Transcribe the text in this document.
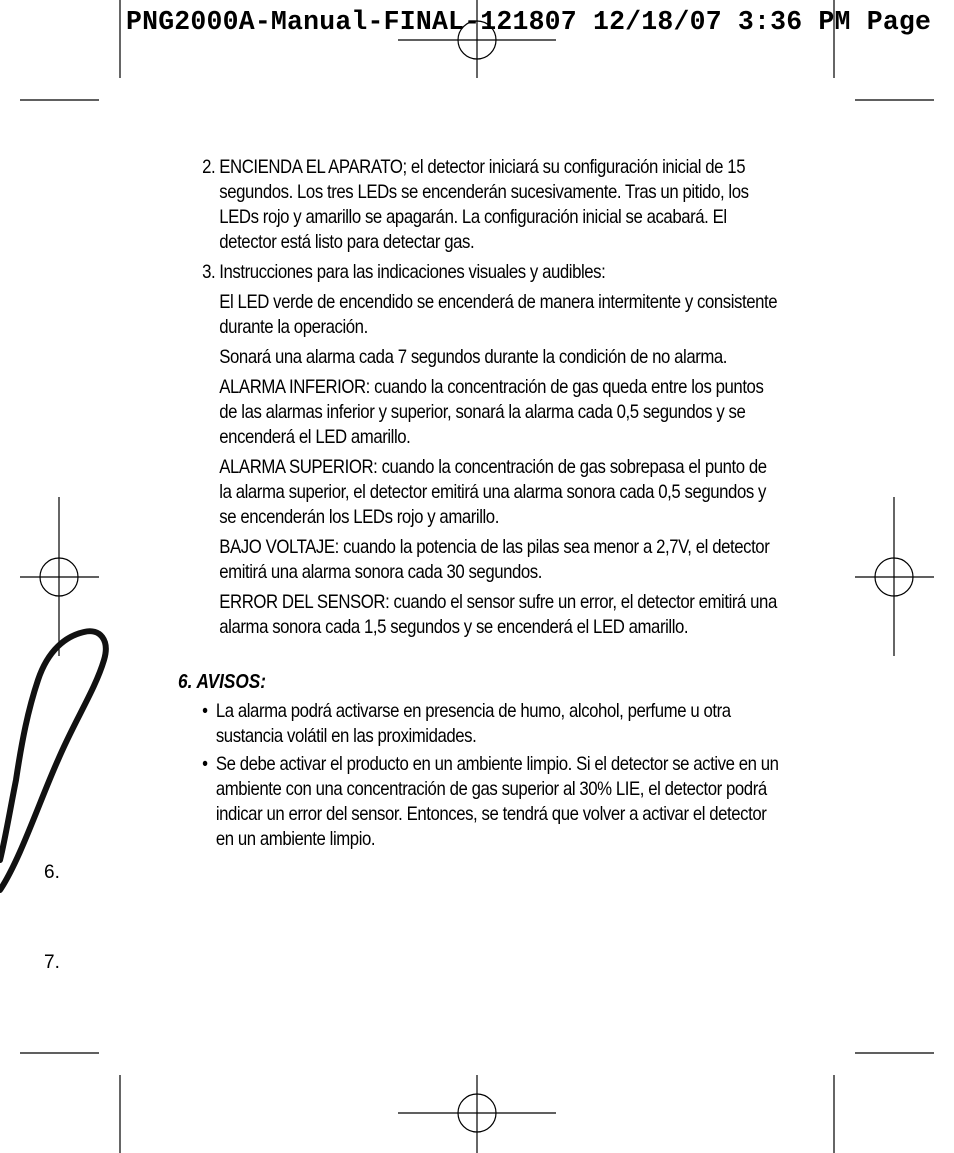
PNG2000A-Manual-FINAL-121807 12/18/07 3:36 PM Page
6.
7.
2. ENCIENDA EL APARATO; el detector iniciará su configuración inicial de 15 segundos. Los tres LEDs se encenderán sucesivamente. Tras un pitido, los LEDs rojo y amarillo se apagarán. La configuración inicial se acabará. El detector está listo para detectar gas.
3. Instrucciones para las indicaciones visuales y audibles:
El LED verde de encendido se encenderá de manera intermitente y consistente durante la operación.
Sonará una alarma cada 7 segundos durante la condición de no alarma.
ALARMA INFERIOR: cuando la concentración de gas queda entre los puntos de las alarmas inferior y superior, sonará la alarma cada 0,5 segundos y se encenderá el LED amarillo.
ALARMA SUPERIOR: cuando la concentración de gas sobrepasa el punto de la alarma superior, el detector emitirá una alarma sonora cada 0,5 segundos y se encenderán los LEDs rojo y amarillo.
BAJO VOLTAJE: cuando la potencia de las pilas sea menor a 2,7V, el detector emitirá una alarma sonora cada 30 segundos.
ERROR DEL SENSOR: cuando el sensor sufre un error, el detector emitirá una alarma sonora cada 1,5 segundos y se encenderá el LED amarillo.
6. AVISOS:
• La alarma podrá activarse en presencia de humo, alcohol, perfume u otra sustancia volátil en las proximidades.
• Se debe activar el producto en un ambiente limpio. Si el detector se active en un ambiente con una concentración de gas superior al 30% LIE, el detector podrá indicar un error del sensor. Entonces, se tendrá que volver a activar el detector en un ambiente limpio.
